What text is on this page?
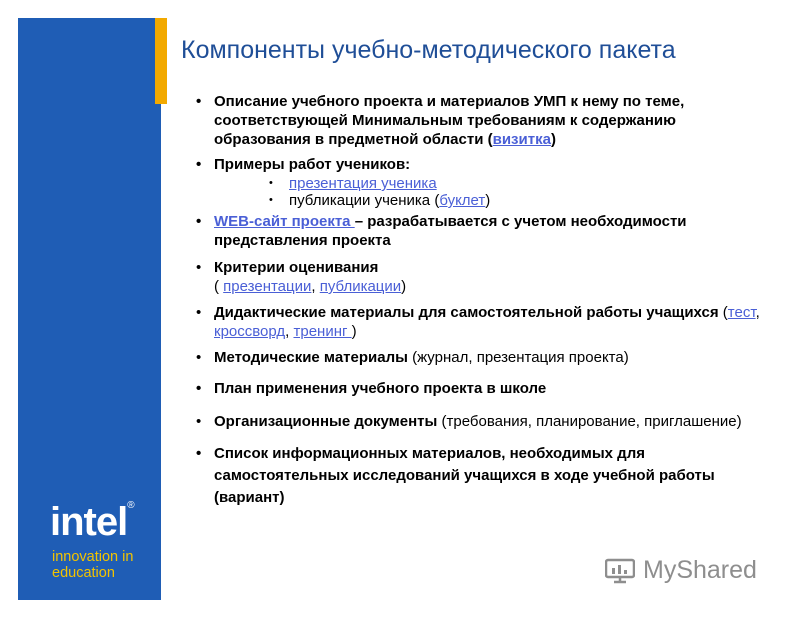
intel®
innovation in
education
Компоненты учебно-методического пакета
• Описание учебного проекта и материалов УМП к нему по теме, соответствующей Минимальным требованиям к содержанию образования в предметной области (визитка)
• Примеры работ учеников:
• презентация ученика
• публикации ученика (буклет)
• WEB-сайт проекта – разрабатывается с учетом необходимости представления проекта
• Критерии оценивания
( презентации, публикации)
• Дидактические материалы для самостоятельной работы учащихся (тест, кроссворд, тренинг )
• Методические материалы (журнал, презентация проекта)
• План применения учебного проекта в школе
• Организационные документы (требования, планирование, приглашение)
• Список информационных материалов, необходимых для самостоятельных исследований учащихся в ходе учебной работы (вариант)
MyShared
